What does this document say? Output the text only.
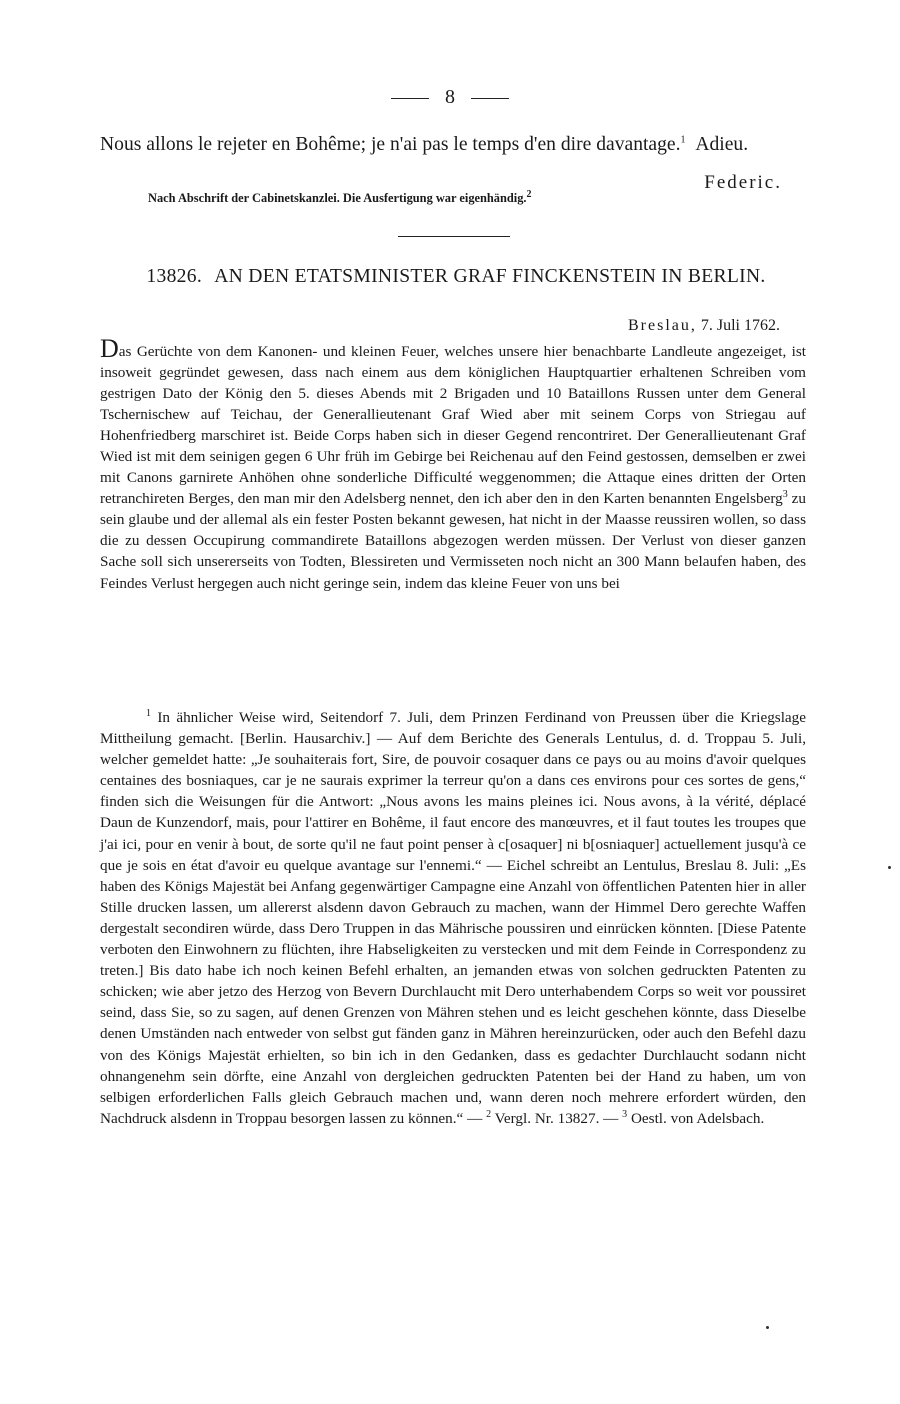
8
Nous allons le rejeter en Bohême; je n'ai pas le temps d'en dire davantage.$^1$ Adieu.
Federic.
Nach Abschrift der Cabinetskanzlei. Die Ausfertigung war eigenhändig.$^2$
13826. AN DEN ETATSMINISTER GRAF FINCKENSTEIN IN BERLIN.
Breslau, 7. Juli 1762.
Das Gerüchte von dem Kanonen- und kleinen Feuer, welches unsere hier benachbarte Landleute angezeiget, ist insoweit gegründet gewesen, dass nach einem aus dem königlichen Hauptquartier erhaltenen Schreiben vom gestrigen Dato der König den 5. dieses Abends mit 2 Brigaden und 10 Bataillons Russen unter dem General Tschernischew auf Teichau, der Generallieutenant Graf Wied aber mit seinem Corps von Striegau auf Hohenfriedberg marschiret ist. Beide Corps haben sich in dieser Gegend rencontriret. Der Generallieutenant Graf Wied ist mit dem seinigen gegen 6 Uhr früh im Gebirge bei Reichenau auf den Feind gestossen, demselben er zwei mit Canons garnirete Anhöhen ohne sonderliche Difficulté weggenommen; die Attaque eines dritten der Orten retranchireten Berges, den man mir den Adelsberg nennet, den ich aber den in den Karten benannten Engelsberg$^3$ zu sein glaube und der allemal als ein fester Posten bekannt gewesen, hat nicht in der Maasse reussiren wollen, so dass die zu dessen Occupirung commandirete Bataillons abgezogen werden müssen. Der Verlust von dieser ganzen Sache soll sich unsererseits von Todten, Blessireten und Vermisseten noch nicht an 300 Mann belaufen haben, des Feindes Verlust hergegen auch nicht geringe sein, indem das kleine Feuer von uns bei
$^1$ In ähnlicher Weise wird, Seitendorf 7. Juli, dem Prinzen Ferdinand von Preussen über die Kriegslage Mittheilung gemacht. [Berlin. Hausarchiv.] — Auf dem Berichte des Generals Lentulus, d. d. Troppau 5. Juli, welcher gemeldet hatte: „Je souhaiterais fort, Sire, de pouvoir cosaquer dans ce pays ou au moins d'avoir quelques centaines des bosniaques, car je ne saurais exprimer la terreur qu'on a dans ces environs pour ces sortes de gens,“ finden sich die Weisungen für die Antwort: „Nous avons les mains pleines ici. Nous avons, à la vérité, déplacé Daun de Kunzendorf, mais, pour l'attirer en Bohême, il faut encore des manœuvres, et il faut toutes les troupes que j'ai ici, pour en venir à bout, de sorte qu'il ne faut point penser à c[osaquer] ni b[osniaquer] actuellement jusqu'à ce que je sois en état d'avoir eu quelque avantage sur l'ennemi.“ — Eichel schreibt an Lentulus, Breslau 8. Juli: „Es haben des Königs Majestät bei Anfang gegenwärtiger Campagne eine Anzahl von öffentlichen Patenten hier in aller Stille drucken lassen, um allererst alsdenn davon Gebrauch zu machen, wann der Himmel Dero gerechte Waffen dergestalt secondiren würde, dass Dero Truppen in das Mährische poussiren und einrücken könnten. [Diese Patente verboten den Einwohnern zu flüchten, ihre Habseligkeiten zu verstecken und mit dem Feinde in Correspondenz zu treten.] Bis dato habe ich noch keinen Befehl erhalten, an jemanden etwas von solchen gedruckten Patenten zu schicken; wie aber jetzo des Herzog von Bevern Durchlaucht mit Dero unterhabendem Corps so weit vor poussiret seind, dass Sie, so zu sagen, auf denen Grenzen von Mähren stehen und es leicht geschehen könnte, dass Dieselbe denen Umständen nach entweder von selbst gut fänden ganz in Mähren hereinzurücken, oder auch den Befehl dazu von des Königs Majestät erhielten, so bin ich in den Gedanken, dass es gedachter Durchlaucht sodann nicht ohnangenehm sein dörfte, eine Anzahl von dergleichen gedruckten Patenten bei der Hand zu haben, um von selbigen erforderlichen Falls gleich Gebrauch machen und, wann deren noch mehrere erfordert würden, den Nachdruck alsdenn in Troppau besorgen lassen zu können.“ — $^2$ Vergl. Nr. 13827. — $^3$ Oestl. von Adelsbach.
